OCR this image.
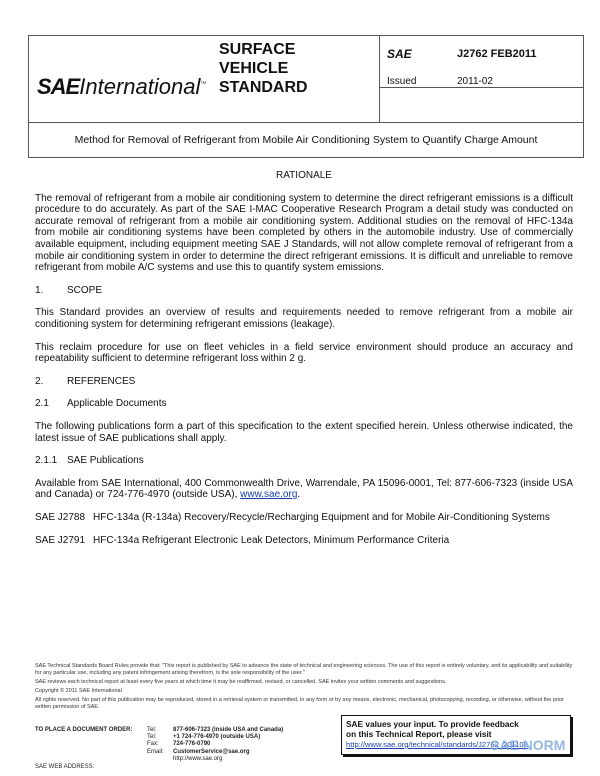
SAEInternational™
SURFACE
VEHICLE
STANDARD
SAE	J2762 FEB2011
Issued	2011-02
Method for Removal of Refrigerant from Mobile Air Conditioning System to Quantify Charge Amount

RATIONALE

The removal of refrigerant from a mobile air conditioning system to determine the direct refrigerant emissions is a difficult procedure to do accurately. As part of the SAE I-MAC Cooperative Research Program a detail study was conducted on accurate removal of refrigerant from a mobile air conditioning system. Additional studies on the removal of HFC-134a from mobile air conditioning systems have been completed by others in the automobile industry. Use of commercially available equipment, including equipment meeting SAE J Standards, will not allow complete removal of refrigerant from a mobile air conditioning system in order to determine the direct refrigerant emissions. It is difficult and unreliable to remove refrigerant from mobile A/C systems and use this to quantify system emissions.

1. SCOPE

This Standard provides an overview of results and requirements needed to remove refrigerant from a mobile air conditioning system for determining refrigerant emissions (leakage).

This reclaim procedure for use on fleet vehicles in a field service environment should produce an accuracy and repeatability sufficient to determine refrigerant loss within 2 g.

2. REFERENCES
2.1 Applicable Documents

The following publications form a part of this specification to the extent specified herein. Unless otherwise indicated, the latest issue of SAE publications shall apply.

2.1.1 SAE Publications

Available from SAE International, 400 Commonwealth Drive, Warrendale, PA 15096-0001, Tel: 877-606-7323 (inside USA and Canada) or 724-776-4970 (outside USA), www.sae.org.

SAE J2788 HFC-134a (R-134a) Recovery/Recycle/Recharging Equipment and for Mobile Air-Conditioning Systems
SAE J2791 HFC-134a Refrigerant Electronic Leak Detectors, Minimum Performance Criteria

SAE Technical Standards Board Rules provide that: "This report is published by SAE to advance the state of technical and engineering sciences. The use of this report is entirely voluntary, and its applicability and suitability for any particular use, including any patent infringement arising therefrom, is the sole responsibility of the user."

SAE reviews each technical report at least every five years at which time it may be reaffirmed, revised, or cancelled. SAE invites your written comments and suggestions.

Copyright © 2011 SAE International

All rights reserved. No part of this publication may be reproduced, stored in a retrieval system or transmitted, in any form or by any means, electronic, mechanical, photocopying, recording, or otherwise, without the prior written permission of SAE.

TO PLACE A DOCUMENT ORDER:
SAE WEB ADDRESS:
Tel:	877-606-7323 (inside USA and Canada)
Tel:	+1 724-776-4970 (outside USA)
Fax:	724-776-0790
Email:	CustomerService@sae.org
http://www.sae.org
SAE values your input. To provide feedback
on this Technical Report, please visit
http://www.sae.org/technical/standards/J2762_201102
SAE NORM
